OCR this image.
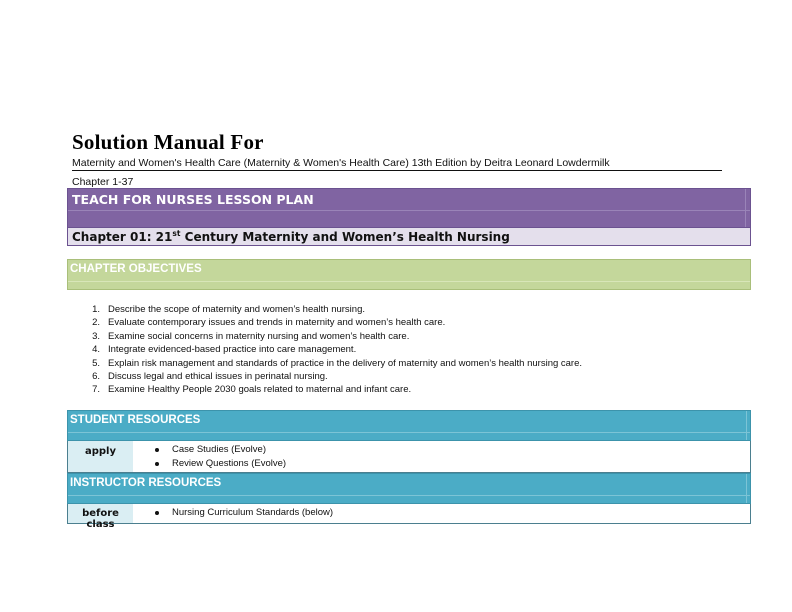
Solution Manual For
Maternity and Women's Health Care (Maternity & Women's Health Care) 13th Edition by Deitra Leonard Lowdermilk
Chapter 1-37
TEACH FOR NURSES LESSON PLAN
Chapter 01: 21st Century Maternity and Women’s Health Nursing
CHAPTER OBJECTIVES
1. Describe the scope of maternity and women’s health nursing.
2. Evaluate contemporary issues and trends in maternity and women’s health care.
3. Examine social concerns in maternity nursing and women’s health care.
4. Integrate evidenced-based practice into care management.
5. Explain risk management and standards of practice in the delivery of maternity and women’s health nursing care.
6. Discuss legal and ethical issues in perinatal nursing.
7. Examine Healthy People 2030 goals related to maternal and infant care.
STUDENT RESOURCES
apply	Case Studies (Evolve)
Review Questions (Evolve)
INSTRUCTOR RESOURCES
before class
Nursing Curriculum Standards (below)
